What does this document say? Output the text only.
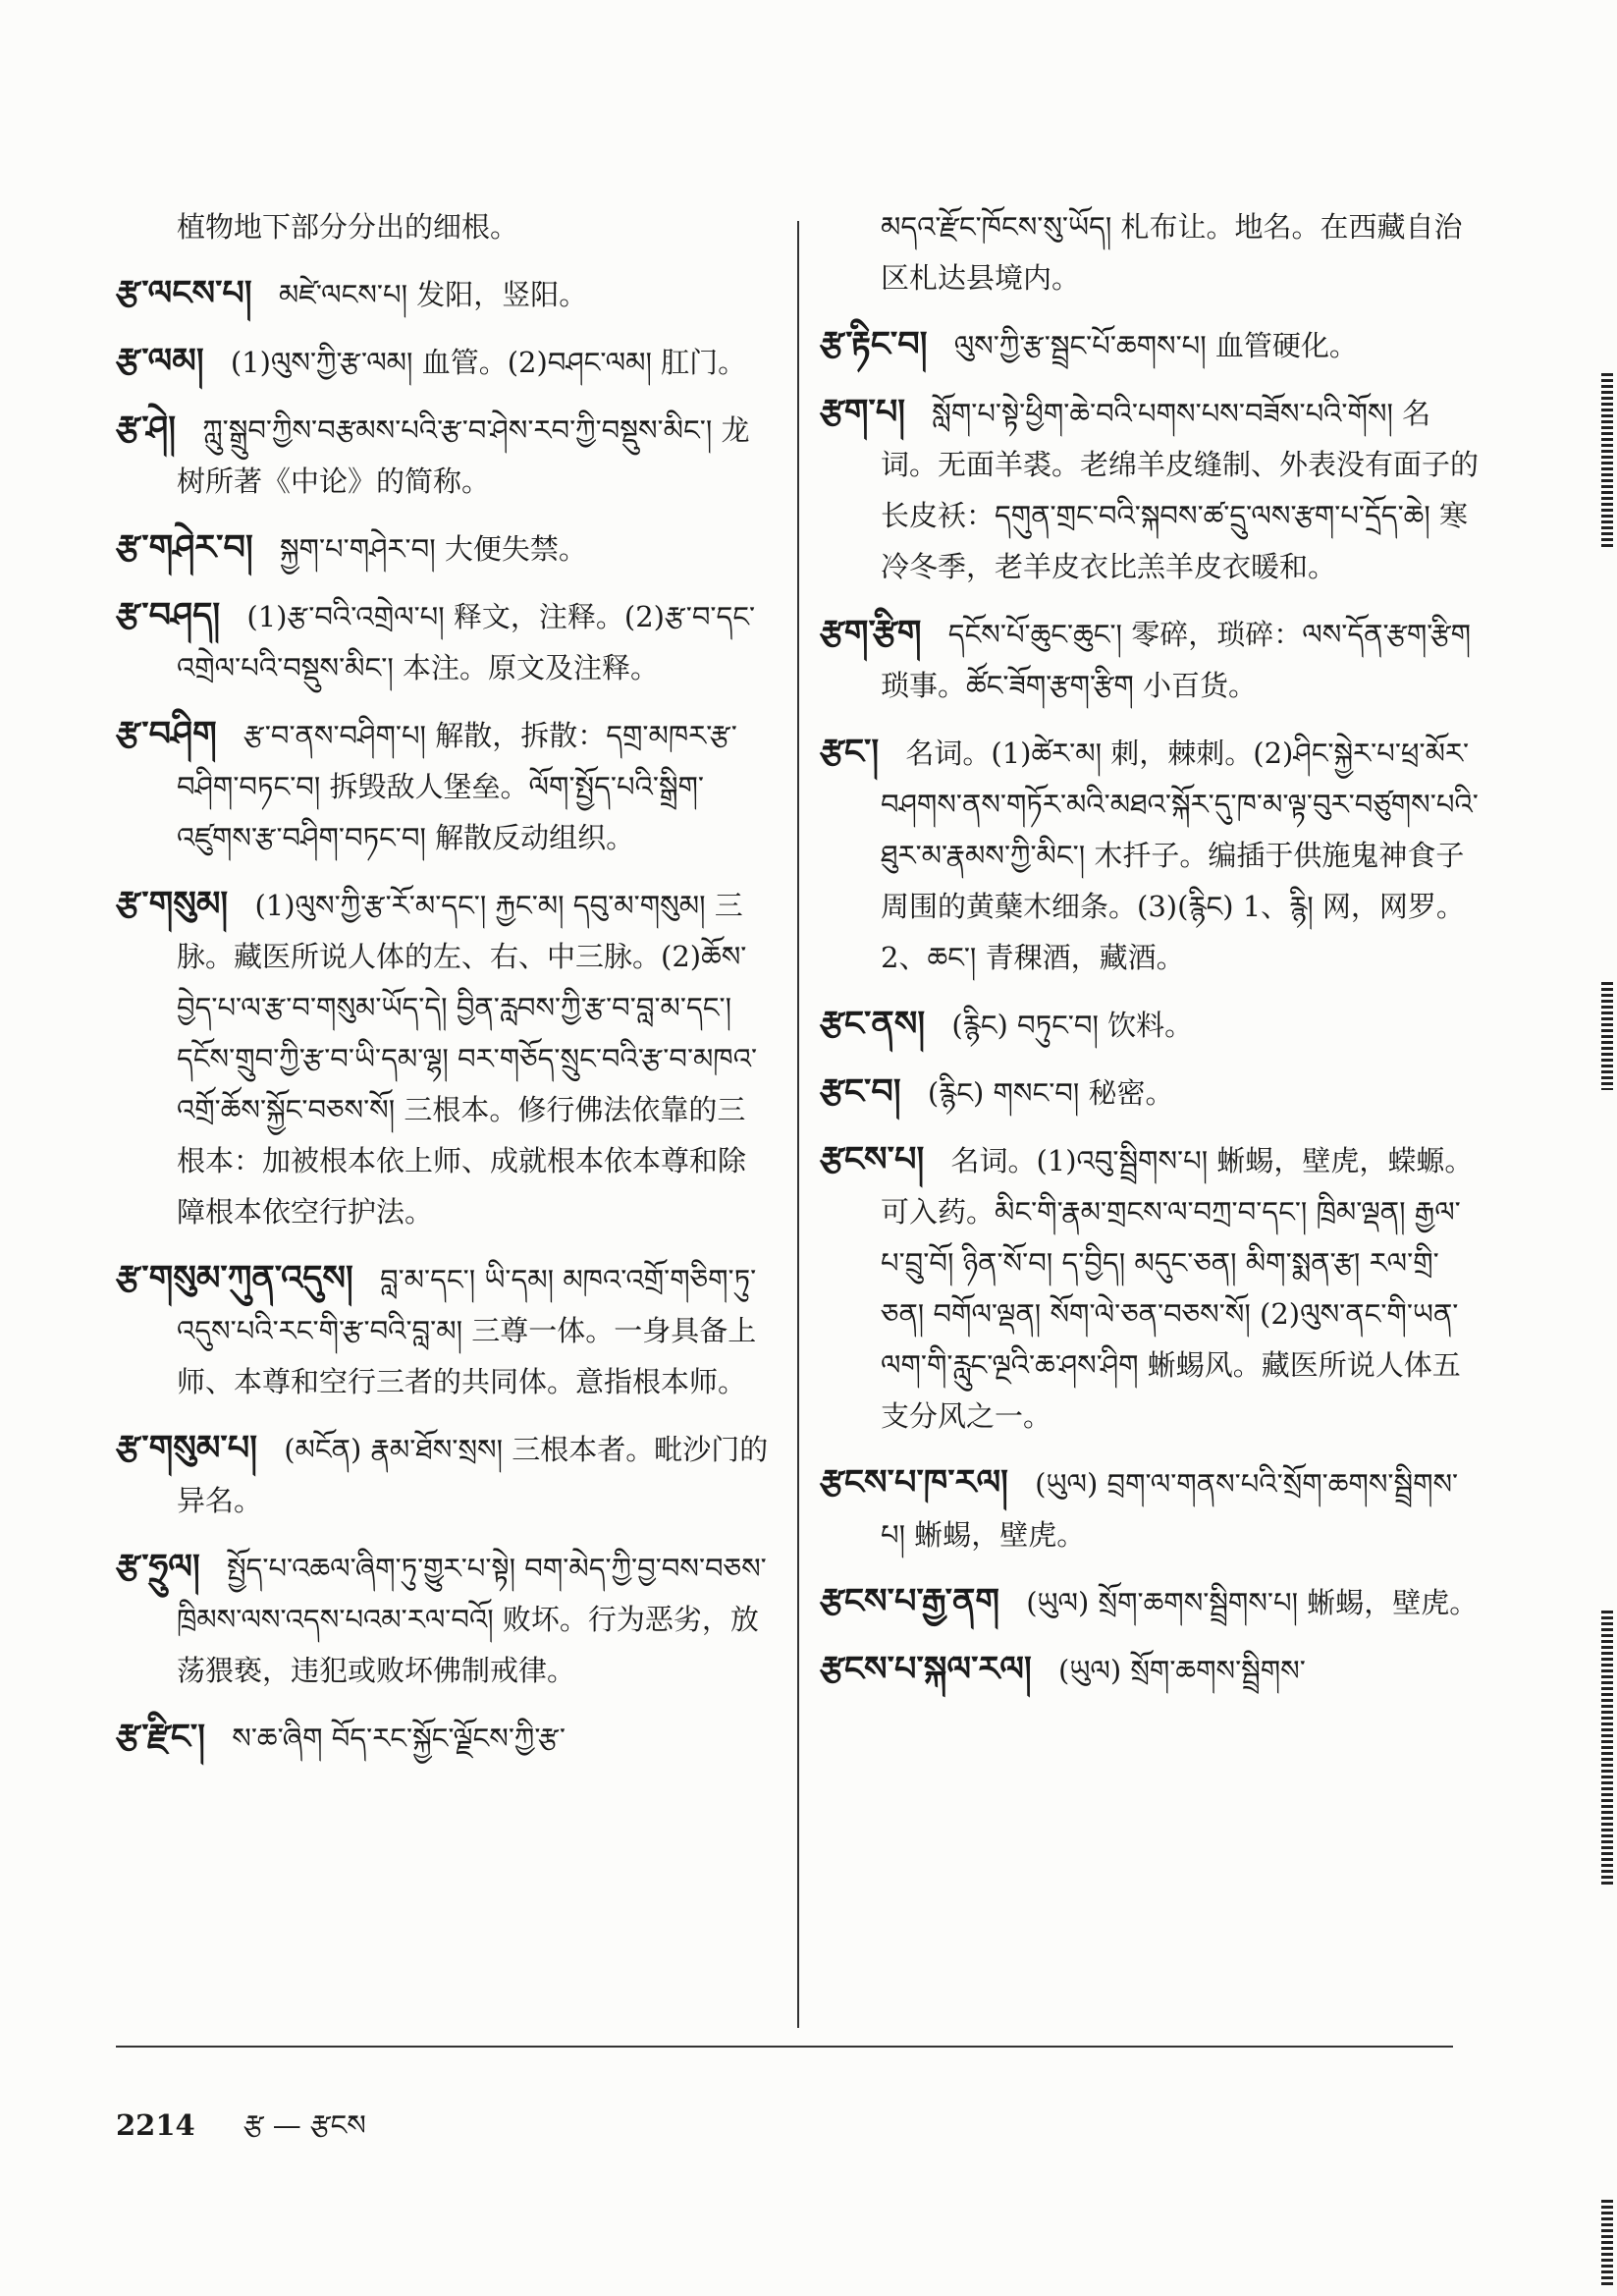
植物地下部分分出的细根。
རྩ་ལངས་པ། མཛེ་ལངས་པ། 发阳，竖阳。
རྩ་ལམ། (1)ལུས་ཀྱི་རྩ་ལམ། 血管。(2)བཤང་ལམ། 肛门。
རྩ་ཤེ། ཀླུ་སྒྲུབ་ཀྱིས་བརྩམས་པའི་རྩ་བ་ཤེས་རབ་ཀྱི་བསྡུས་མིང་། 龙树所著《中论》的简称。
རྩ་གཤེར་བ། སྐྱག་པ་གཤེར་བ། 大便失禁。
རྩ་བཤད། (1)རྩ་བའི་འགྲེལ་པ། 释文，注释。(2)རྩ་བ་དང་འགྲེལ་པའི་བསྡུས་མིང་། 本注。原文及注释。
རྩ་བཤིག རྩ་བ་ནས་བཤིག་པ། 解散，拆散：དགྲ་མཁར་རྩ་བཤིག་བཏང་བ། 拆毁敌人堡垒。ལོག་སྤྱོད་པའི་སྒྲིག་འཛུགས་རྩ་བཤིག་བཏང་བ། 解散反动组织。
རྩ་གསུམ། (1)ལུས་ཀྱི་རྩ་རོ་མ་དང་། རྐྱང་མ། དབུ་མ་གསུམ། 三脉。藏医所说人体的左、右、中三脉。(2)ཆོས་བྱེད་པ་ལ་རྩ་བ་གསུམ་ཡོད་དེ། བྱིན་རླབས་ཀྱི་རྩ་བ་བླ་མ་དང་། དངོས་གྲུབ་ཀྱི་རྩ་བ་ཡི་དམ་ལྷ། བར་གཅོད་སྲུང་བའི་རྩ་བ་མཁའ་འགྲོ་ཆོས་སྐྱོང་བཅས་སོ། 三根本。修行佛法依靠的三根本：加被根本依上师、成就根本依本尊和除障根本依空行护法。
རྩ་གསུམ་ཀུན་འདུས། བླ་མ་དང་། ཡི་དམ། མཁའ་འགྲོ་གཅིག་ཏུ་འདུས་པའི་རང་གི་རྩ་བའི་བླ་མ། 三尊一体。一身具备上师、本尊和空行三者的共同体。意指根本师。
རྩ་གསུམ་པ། (མངོན) རྣམ་ཐོས་སྲས། 三根本者。毗沙门的异名。
རྩ་ཧྲུལ། སྤྱོད་པ་འཆལ་ཞིག་ཏུ་གྱུར་པ་སྟེ། བག་མེད་ཀྱི་བྱ་བས་བཅས་ཁྲིམས་ལས་འདས་པའམ་རལ་བའོ། 败坏。行为恶劣，放荡猥亵，违犯或败坏佛制戒律。
རྩ་རྫིང་། ས་ཆ་ཞིག བོད་རང་སྐྱོང་ལྗོངས་ཀྱི་རྩ་
མདའ་རྫོང་ཁོངས་སུ་ཡོད། 札布让。地名。在西藏自治区札达县境内。
རྩ་རྟིང་བ། ལུས་ཀྱི་རྩ་སྦྲང་པོ་ཆགས་པ། 血管硬化。
རྩག་པ། སློག་པ་སྟེ་ཕྱིག་ཆེ་བའི་པགས་པས་བཟོས་པའི་གོས། 名词。无面羊裘。老绵羊皮缝制、外表没有面子的长皮袄：དགུན་གྲང་བའི་སྐབས་ཚ་དྲུ་ལས་རྩག་པ་དྲོད་ཆེ། 寒冷冬季，老羊皮衣比羔羊皮衣暖和。
རྩག་རྩིག དངོས་པོ་ཆུང་ཆུང་། 零碎，琐碎：ལས་དོན་རྩག་རྩིག 琐事。ཚོང་ཟོག་རྩག་རྩིག 小百货。
རྩང་། 名词。(1)ཚེར་མ། 刺，棘刺。(2)ཤིང་སྐྱེར་པ་ཕྲ་མོར་བཤགས་ནས་གཏོར་མའི་མཐའ་སྐོར་དུ་ཁ་མ་ལྟ་བུར་བཙུགས་པའི་ཐུར་མ་རྣམས་ཀྱི་མིང་། 木扦子。编插于供施鬼神食子周围的黄蘖木细条。(3)(རྙིང) 1、རྙི། 网，网罗。2、ཆང་། 青稞酒，藏酒。
རྩང་ནས། (རྙིང) བཏུང་བ། 饮料。
རྩང་བ། (རྙིང) གསང་བ། 秘密。
རྩངས་པ། 名词。(1)འབུ་སྦྲིགས་པ། 蜥蜴，壁虎，蝾螈。可入药。མིང་གི་རྣམ་གྲངས་ལ་བཀྲ་བ་དང་། ཁྲིམ་ལྡན། རྒྱལ་པ་བྲུ་བོ། ཉིན་སོ་བ། ད་བྱིད། མདུང་ཅན། མིག་སྨན་རྩ། རལ་གྲི་ཅན། བགོལ་ལྡན། སོག་ལེ་ཅན་བཅས་སོ། (2)ལུས་ནང་གི་ཡན་ལག་གི་རླུང་ལྔའི་ཆ་ཤས་ཤིག 蜥蜴风。藏医所说人体五支分风之一。
རྩངས་པ་ཁ་རལ། (ཡུལ) བྲག་ལ་གནས་པའི་སྲོག་ཆགས་སྦྲིགས་པ། 蜥蜴，壁虎。
རྩངས་པ་རྒྱ་ནག (ཡུལ) སྲོག་ཆགས་སྦྲིགས་པ། 蜥蜴，壁虎。
རྩངས་པ་སྐལ་རལ། (ཡུལ) སྲོག་ཆགས་སྦྲིགས་
2214 རྩ — རྩངས
